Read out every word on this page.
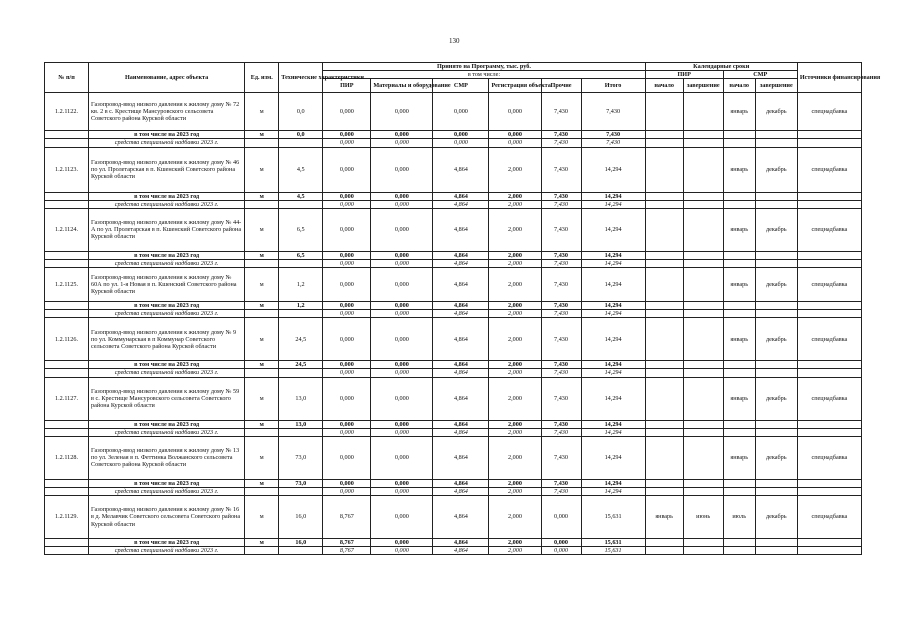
130
№ п/п	Наименование, адрес объекта	Ед. изм.	Технические характеристики	Принято на Программу, тыс. руб.						Календарные сроки				Источники финансирования
				в том числе:						ПИР		СМР		
				ПИР	Материалы и оборудование	СМР	Регистрация объекта	Прочие	Итого	начало	завершение	начало	завершение	
1.2.1122.	Газопровод-ввод низкого давления к жилому дому № 72 кв. 2 в с. Крестище Мансуровского сельсовета Советского района Курской области	м	0,0	0,000	0,000	0,000	0,000	7,430	7,430			январь	декабрь	спецнадбавка
	в том числе на 2023 год	м	0,0	0,000	0,000	0,000	0,000	7,430	7,430					
	средства специальной надбавки 2023 г.			0,000	0,000	0,000	0,000	7,430	7,430					
1.2.1123.	Газопровод-ввод низкого давления к жилому дому № 46 по ул. Пролетарская в п. Кшенский Советского района Курской области	м	4,5	0,000	0,000	4,864	2,000	7,430	14,294			январь	декабрь	спецнадбавка
	в том числе на 2023 год	м	4,5	0,000	0,000	4,864	2,000	7,430	14,294					
	средства специальной надбавки 2023 г.			0,000	0,000	4,864	2,000	7,430	14,294					
1.2.1124.	Газопровод-ввод низкого давления к жилому дому № 44-А по ул. Пролетарская в п. Кшенский Советского района Курской области	м	6,5	0,000	0,000	4,864	2,000	7,430	14,294			январь	декабрь	спецнадбавка
	в том числе на 2023 год	м	6,5	0,000	0,000	4,864	2,000	7,430	14,294					
	средства специальной надбавки 2023 г.			0,000	0,000	4,864	2,000	7,430	14,294					
1.2.1125.	Газопровод-ввод низкого давления к жилому дому № 60А по ул. 1-я Новая в п. Кшенский Советского района Курской области	м	1,2	0,000	0,000	4,864	2,000	7,430	14,294			январь	декабрь	спецнадбавка
	в том числе на 2023 год	м	1,2	0,000	0,000	4,864	2,000	7,430	14,294					
	средства специальной надбавки 2023 г.			0,000	0,000	4,864	2,000	7,430	14,294					
1.2.1126.	Газопровод-ввод низкого давления к жилому дому № 9 по ул. Коммунарская в п Коммунар Советского сельсовета Советского района Курской области	м	24,5	0,000	0,000	4,864	2,000	7,430	14,294			январь	декабрь	спецнадбавка
	в том числе на 2023 год	м	24,5	0,000	0,000	4,864	2,000	7,430	14,294					
	средства специальной надбавки 2023 г.			0,000	0,000	4,864	2,000	7,430	14,294					
1.2.1127.	Газопровод-ввод низкого давления к жилому дому № 59 в с. Крестище Мансуровского сельсовета Советского района Курской области	м	13,0	0,000	0,000	4,864	2,000	7,430	14,294			январь	декабрь	спецнадбавка
	в том числе на 2023 год	м	13,0	0,000	0,000	4,864	2,000	7,430	14,294					
	средства специальной надбавки 2023 г.			0,000	0,000	4,864	2,000	7,430	14,294					
1.2.1128.	Газопровод-ввод низкого давления к жилому дому № 13 по ул. Зеленая в п. Феттинка Волжанского сельсовета Советского района Курской области	м	73,0	0,000	0,000	4,864	2,000	7,430	14,294			январь	декабрь	спецнадбавка
	в том числе на 2023 год	м	73,0	0,000	0,000	4,864	2,000	7,430	14,294					
	средства специальной надбавки 2023 г.			0,000	0,000	4,864	2,000	7,430	14,294					
1.2.1129.	Газопровод-ввод низкого давления к жилому дому № 16 в д. Мелавчик Советского сельсовета Советского района Курской области	м	16,0	8,767	0,000	4,864	2,000	0,000	15,631	январь	июнь	июль	декабрь	спецнадбавка
	в том числе на 2023 год	м	16,0	8,767	0,000	4,864	2,000	0,000	15,631					
	средства специальной надбавки 2023 г.			8,767	0,000	4,864	2,000	0,000	15,631					
